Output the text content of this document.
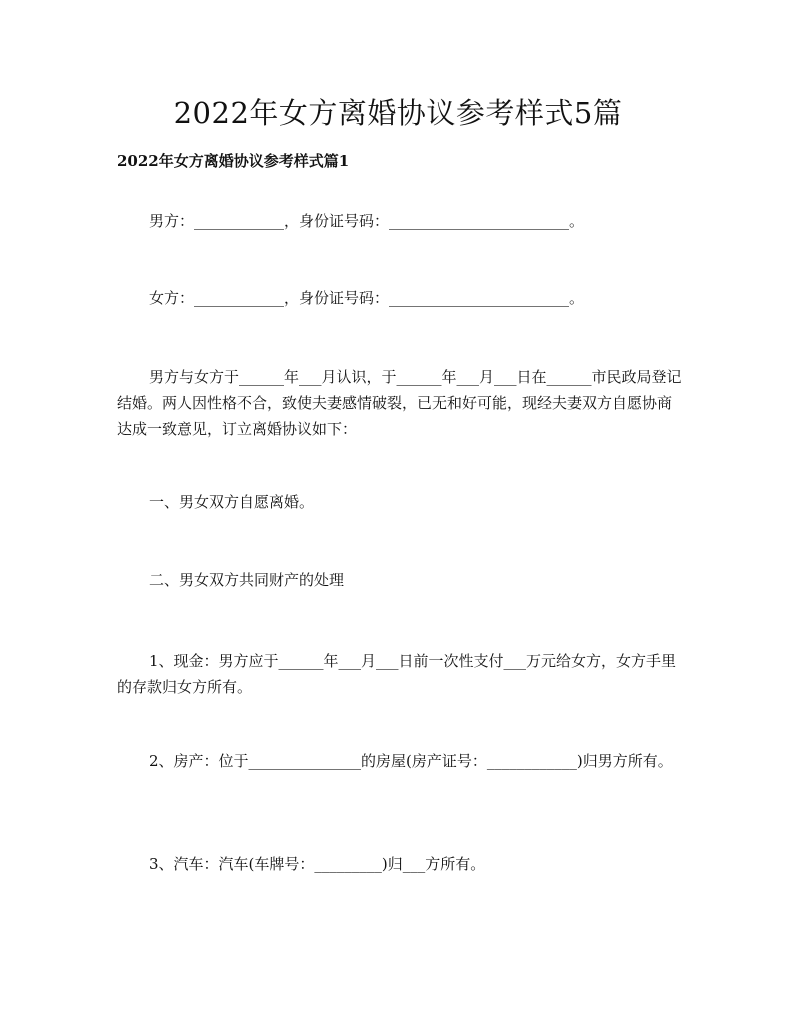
2022年女方离婚协议参考样式5篇
2022年女方离婚协议参考样式篇1

男方：____________，身份证号码：________________________。

女方：____________，身份证号码：________________________。

男方与女方于______年___月认识，于______年___月___日在______市民政局登记结婚。两人因性格不合，致使夫妻感情破裂，已无和好可能，现经夫妻双方自愿协商达成一致意见，订立离婚协议如下：

一、男女双方自愿离婚。

二、男女双方共同财产的处理

1、现金：男方应于______年___月___日前一次性支付___万元给女方，女方手里的存款归女方所有。

2、房产：位于_______________的房屋(房产证号：____________)归男方所有。

3、汽车：汽车(车牌号：_________)归___方所有。
